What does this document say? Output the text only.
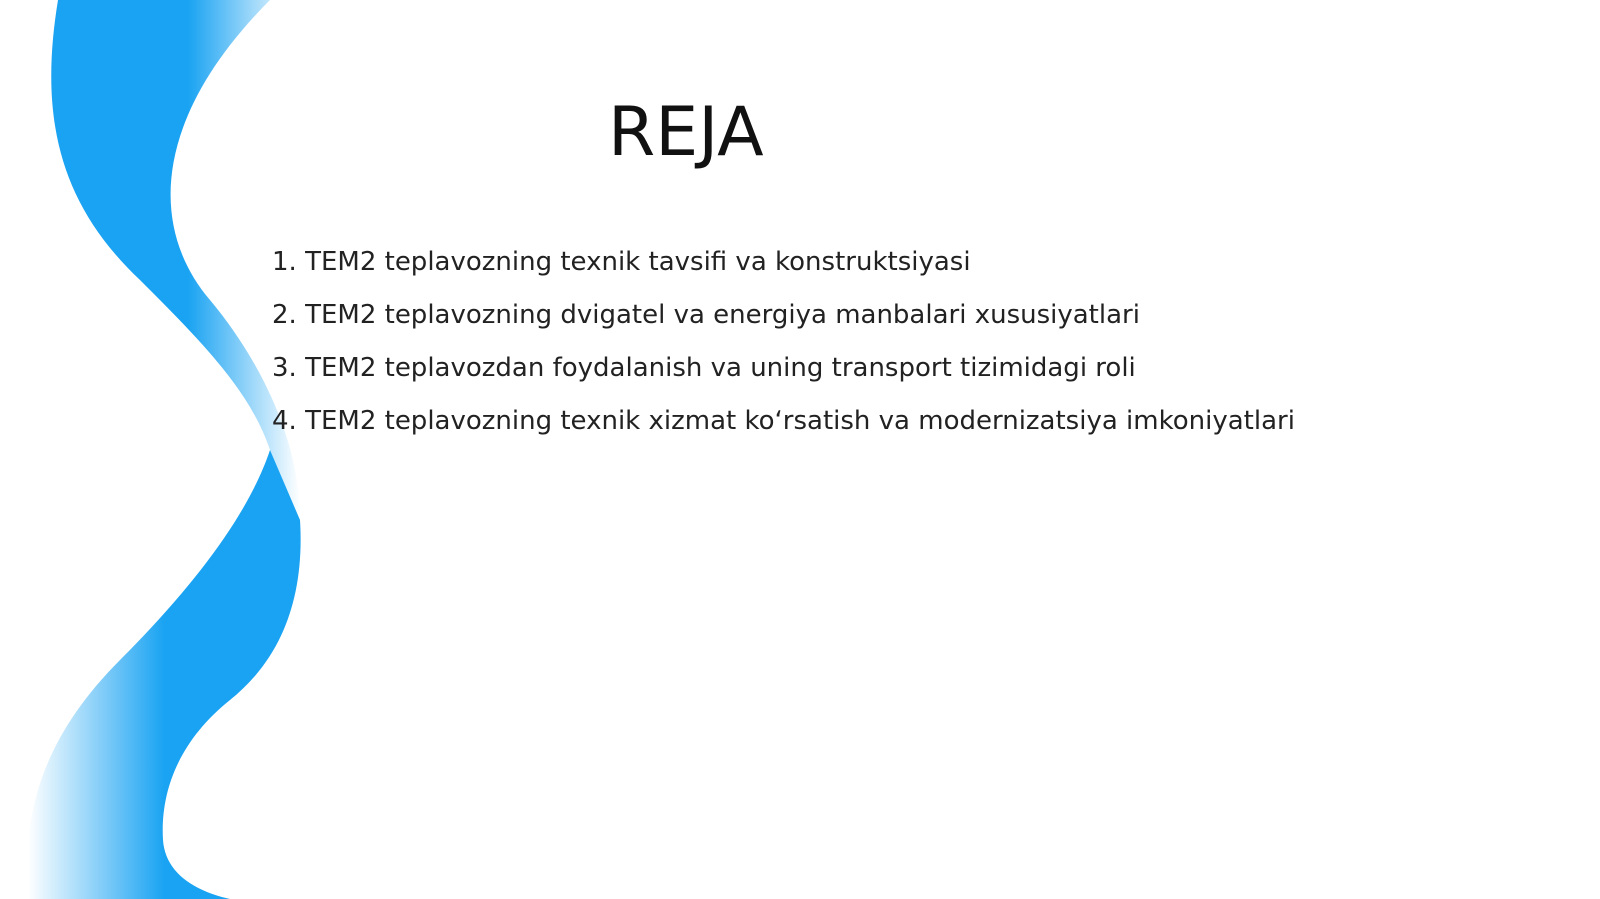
REJA
1. TEM2 teplavozning texnik tavsifi va konstruktsiyasi
2. TEM2 teplavozning dvigatel va energiya manbalari xususiyatlari
3. TEM2 teplavozdan foydalanish va uning transport tizimidagi roli
4. TEM2 teplavozning texnik xizmat koʻrsatish va modernizatsiya imkoniyatlari
